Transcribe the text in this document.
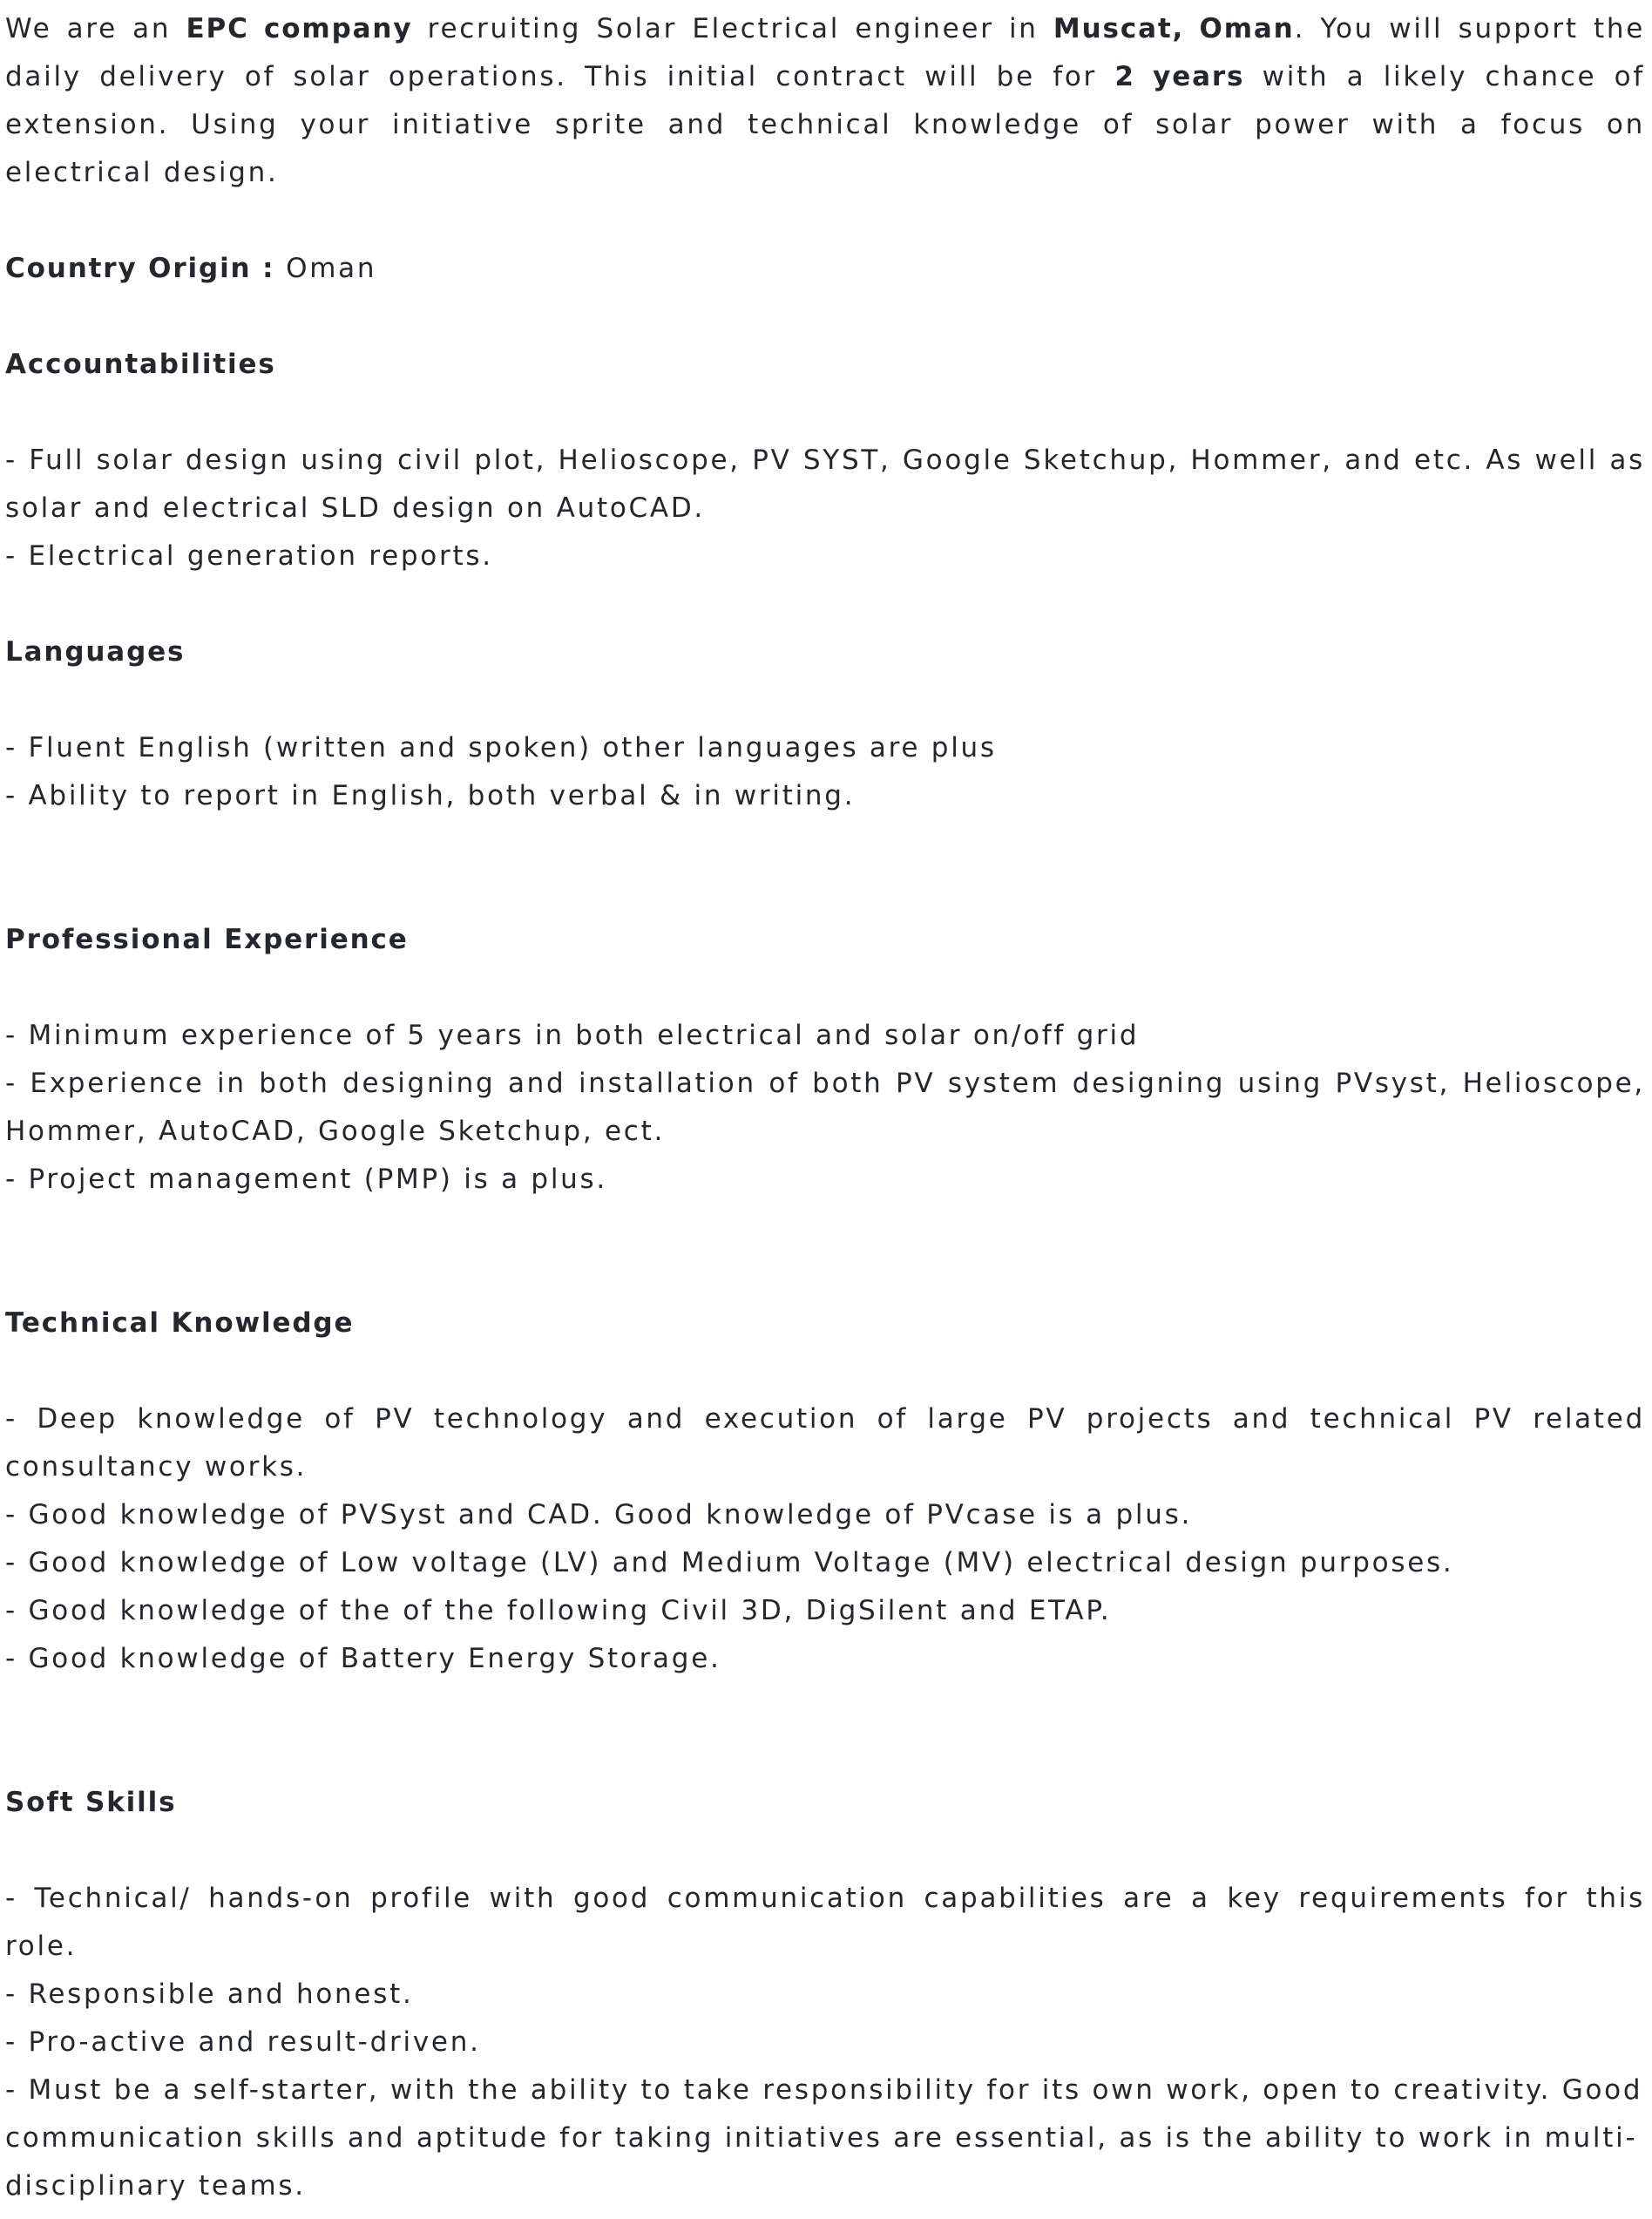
We are an EPC company recruiting Solar Electrical engineer in Muscat, Oman. You will support the daily delivery of solar operations. This initial contract will be for 2 years with a likely chance of extension. Using your initiative sprite and technical knowledge of solar power with a focus on electrical design.

Country Origin : Oman

Accountabilities

- Full solar design using civil plot, Helioscope, PV SYST, Google Sketchup, Hommer, and etc. As well as solar and electrical SLD design on AutoCAD.

- Electrical generation reports.

Languages

- Fluent English (written and spoken) other languages are plus

- Ability to report in English, both verbal & in writing.

Professional Experience

- Minimum experience of 5 years in both electrical and solar on/off grid

- Experience in both designing and installation of both PV system designing using PVsyst, Helioscope, Hommer, AutoCAD, Google Sketchup, ect.

- Project management (PMP) is a plus.

Technical Knowledge

- Deep knowledge of PV technology and execution of large PV projects and technical PV related consultancy works.

- Good knowledge of PVSyst and CAD. Good knowledge of PVcase is a plus.

- Good knowledge of Low voltage (LV) and Medium Voltage (MV) electrical design purposes.

- Good knowledge of the of the following Civil 3D, DigSilent and ETAP.

- Good knowledge of Battery Energy Storage.

Soft Skills

- Technical/ hands-on profile with good communication capabilities are a key requirements for this role.

- Responsible and honest.

- Pro-active and result-driven.

- Must be a self-starter, with the ability to take responsibility for its own work, open to creativity. Good communication skills and aptitude for taking initiatives are essential, as is the ability to work in multi-disciplinary teams.
